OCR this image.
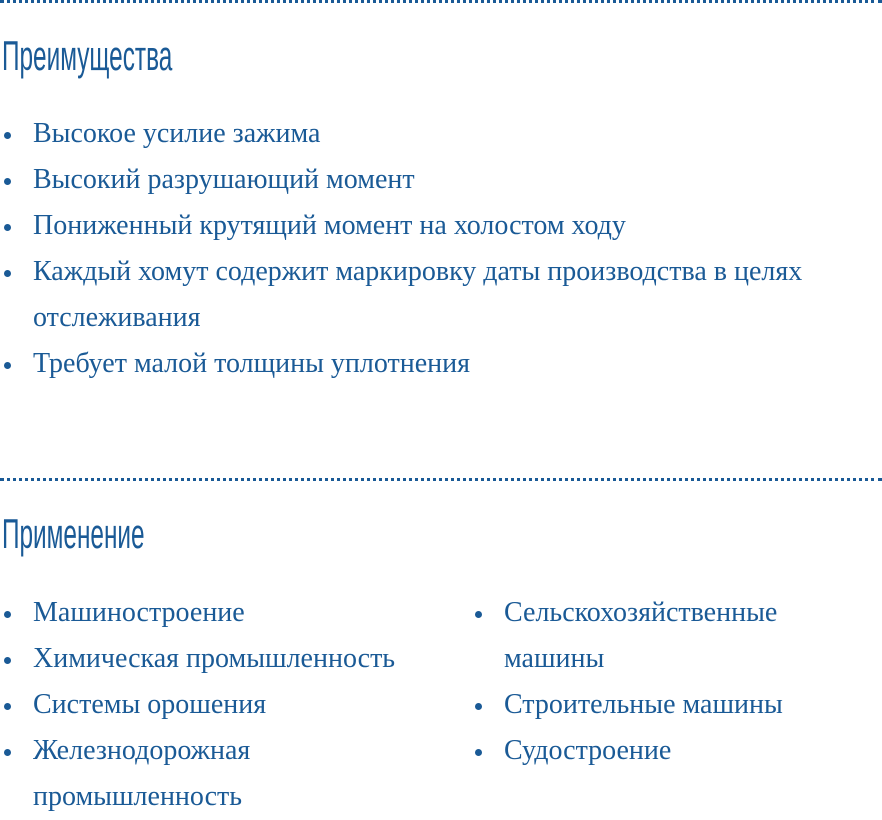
Преимущества
Высокое усилие зажима
Высокий разрушающий момент
Пониженный крутящий момент на холостом ходу
Каждый хомут содержит маркировку даты производства в целях отслеживания
Требует малой толщины уплотнения
Применение
Машиностроение
Химическая промышленность
Системы орошения
Железнодорожная промышленность
Сельскохозяйственные машины
Строительные машины
Судостроение
